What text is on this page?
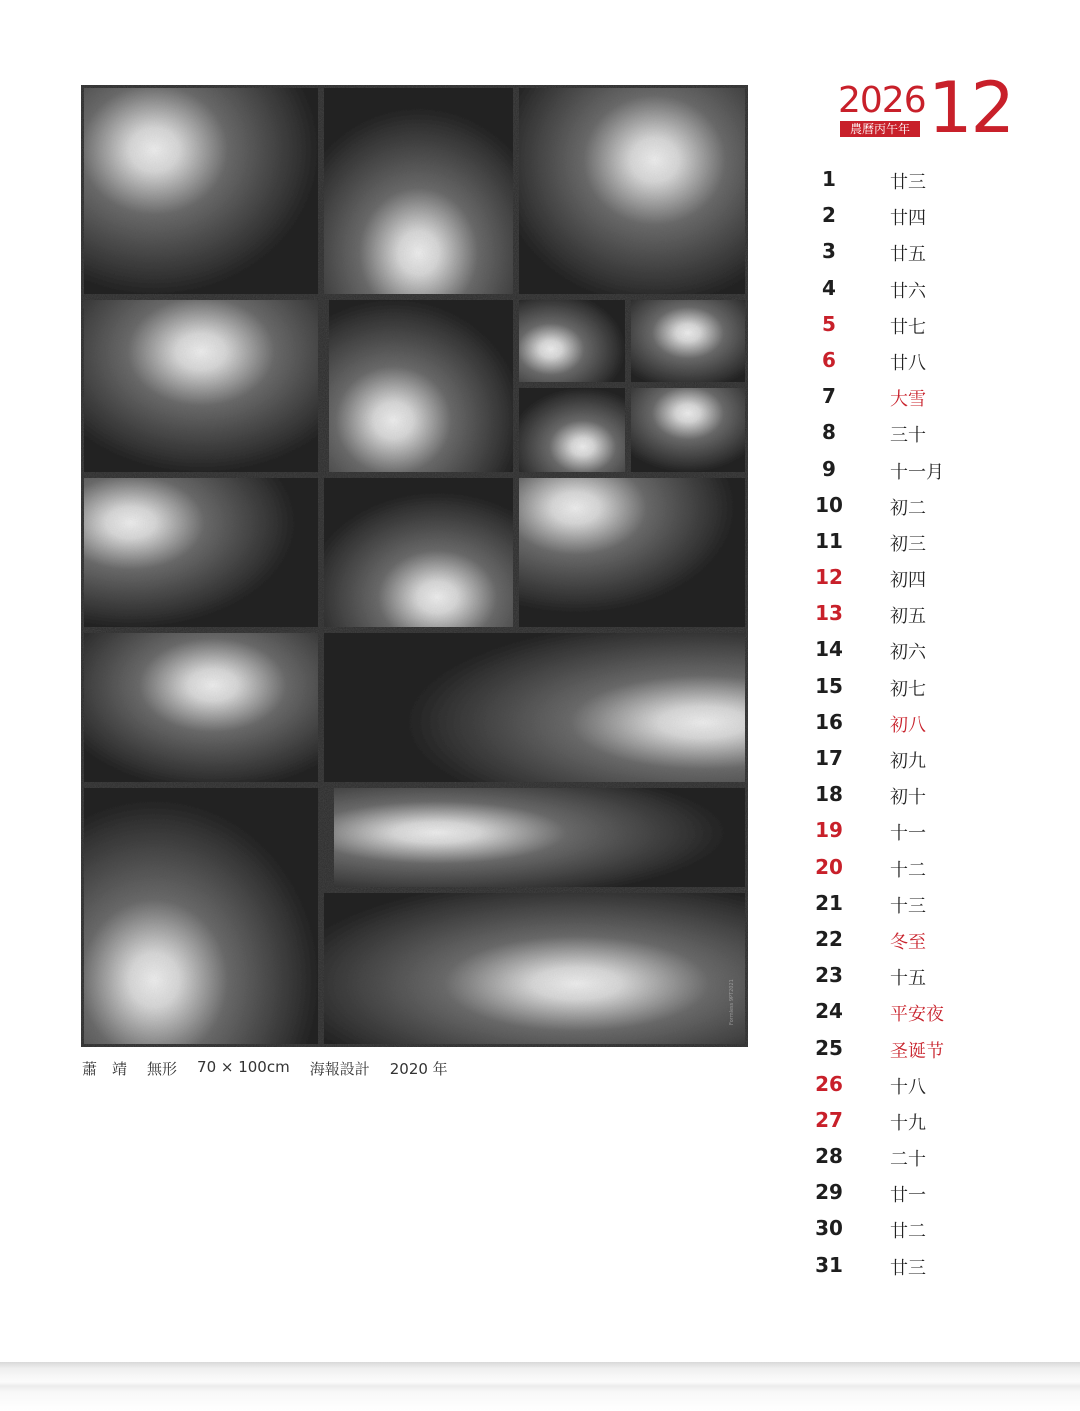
Formless 9PT2021
蕭　靖 無形 70 × 100cm 海報設計 2020 年
2026
農曆丙午年 12
1	廿三
2	廿四
3	廿五
4	廿六
5	廿七
6	廿八
7	大雪
8	三十
9	十一月
10	初二
11	初三
12	初四
13	初五
14	初六
15	初七
16	初八
17	初九
18	初十
19	十一
20	十二
21	十三
22	冬至
23	十五
24	平安夜
25	圣诞节
26	十八
27	十九
28	二十
29	廿一
30	廿二
31	廿三
